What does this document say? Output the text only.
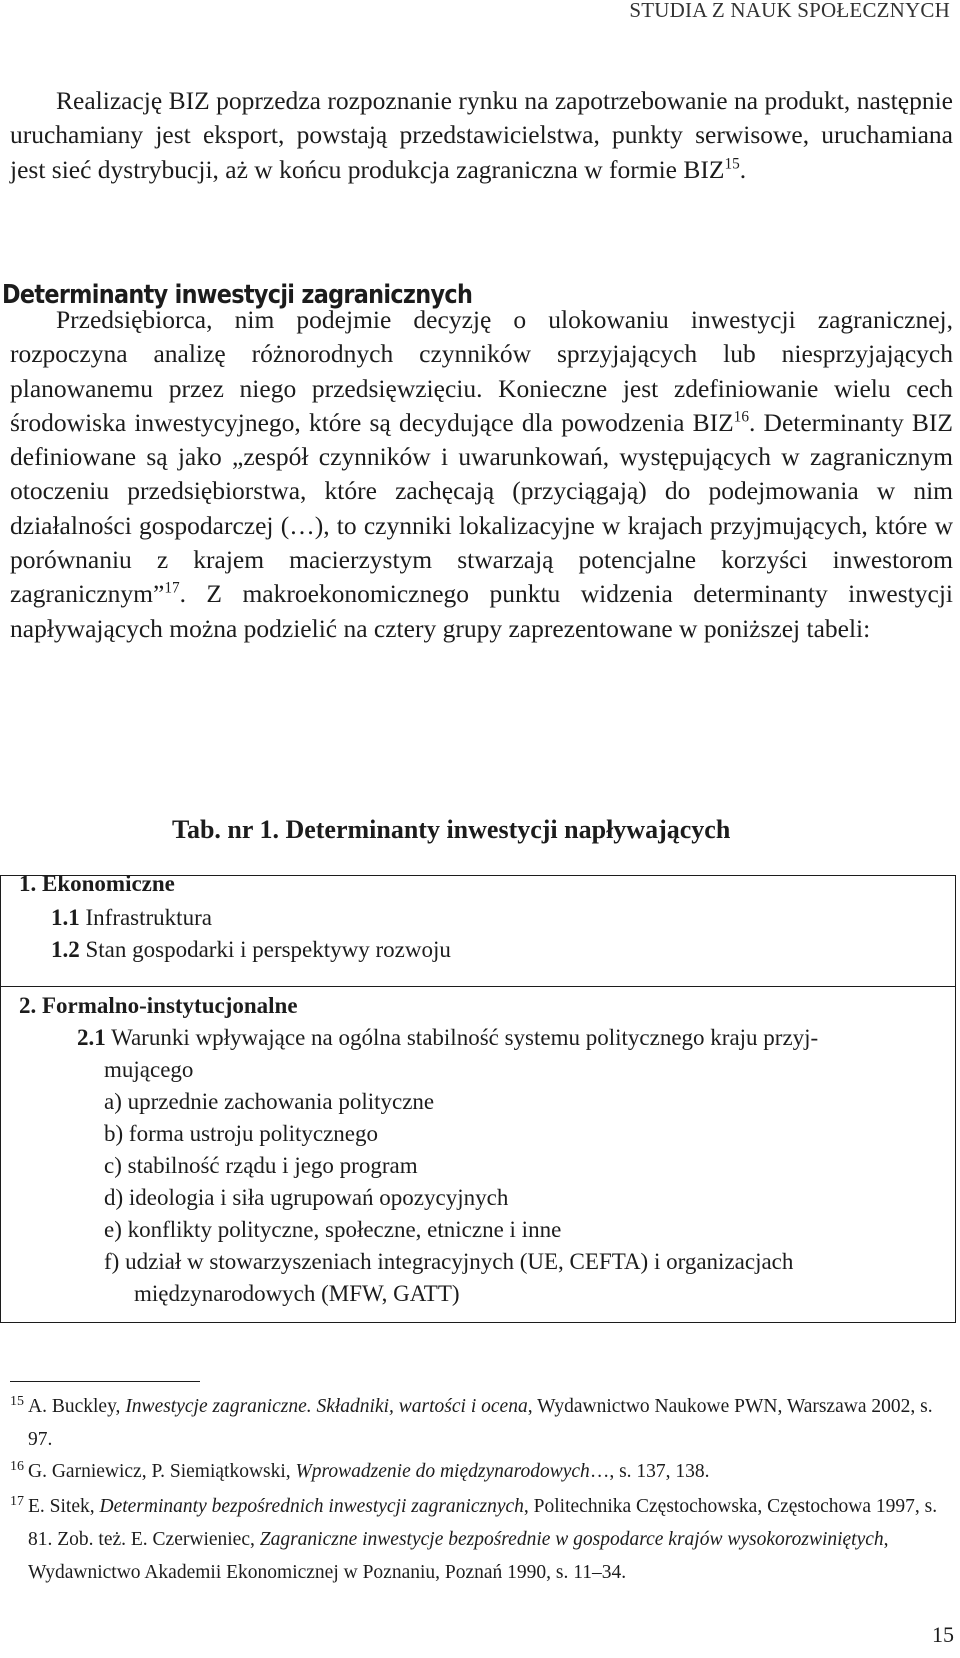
STUDIA Z NAUK SPOŁECZNYCH

Realizację BIZ poprzedza rozpoznanie rynku na zapotrzebowanie na produkt, następnie uruchamiany jest eksport, powstają przedstawicielstwa, punkty serwisowe, uruchamiana jest sieć dystrybucji, aż w końcu produkcja zagraniczna w formie BIZ$^{15}$.

Determinanty inwestycji zagranicznych

Przedsiębiorca, nim podejmie decyzję o ulokowaniu inwestycji zagranicznej, rozpoczyna analizę różnorodnych czynników sprzyjających lub niesprzyjających planowanemu przez niego przedsięwzięciu. Konieczne jest zdefiniowanie wielu cech środowiska inwestycyjnego, które są decydujące dla powodzenia BIZ$^{16}$. Determinanty BIZ definiowane są jako „zespół czynników i uwarunkowań, występujących w zagranicznym otoczeniu przedsiębiorstwa, które zachęcają (przyciągają) do podejmowania w nim działalności gospodarczej (…), to czynniki lokalizacyjne w krajach przyjmujących, które w porównaniu z krajem macierzystym stwarzają potencjalne korzyści inwestorom zagranicznym”$^{17}$. Z makroekonomicznego punktu widzenia determinanty inwestycji napływających można podzielić na cztery grupy zaprezentowane w poniższej tabeli:

Tab. nr 1. Determinanty inwestycji napływających
1. Ekonomiczne
1.1 Infrastruktura
1.2 Stan gospodarki i perspektywy rozwoju
2. Formalno-instytucjonalne
2.1 Warunki wpływające na ogólna stabilność systemu politycznego kraju przyj-
mującego
a) uprzednie zachowania polityczne
b) forma ustroju politycznego
c) stabilność rządu i jego program
d) ideologia i siła ugrupowań opozycyjnych
e) konflikty polityczne, społeczne, etniczne i inne
f) udział w stowarzyszeniach integracyjnych (UE, CEFTA) i organizacjach
międzynarodowych (MFW, GATT)
15 A. Buckley, Inwestycje zagraniczne. Składniki, wartości i ocena, Wydawnictwo Naukowe PWN, Warszawa 2002, s. 97.
16 G. Garniewicz, P. Siemiątkowski, Wprowadzenie do międzynarodowych…, s. 137, 138.
17 E. Sitek, Determinanty bezpośrednich inwestycji zagranicznych, Politechnika Częstochowska, Częstochowa 1997, s. 81. Zob. też. E. Czerwieniec, Zagraniczne inwestycje bezpośrednie w gospodarce krajów wysokorozwiniętych, Wydawnictwo Akademii Ekonomicznej w Poznaniu, Poznań 1990, s. 11–34.
15
